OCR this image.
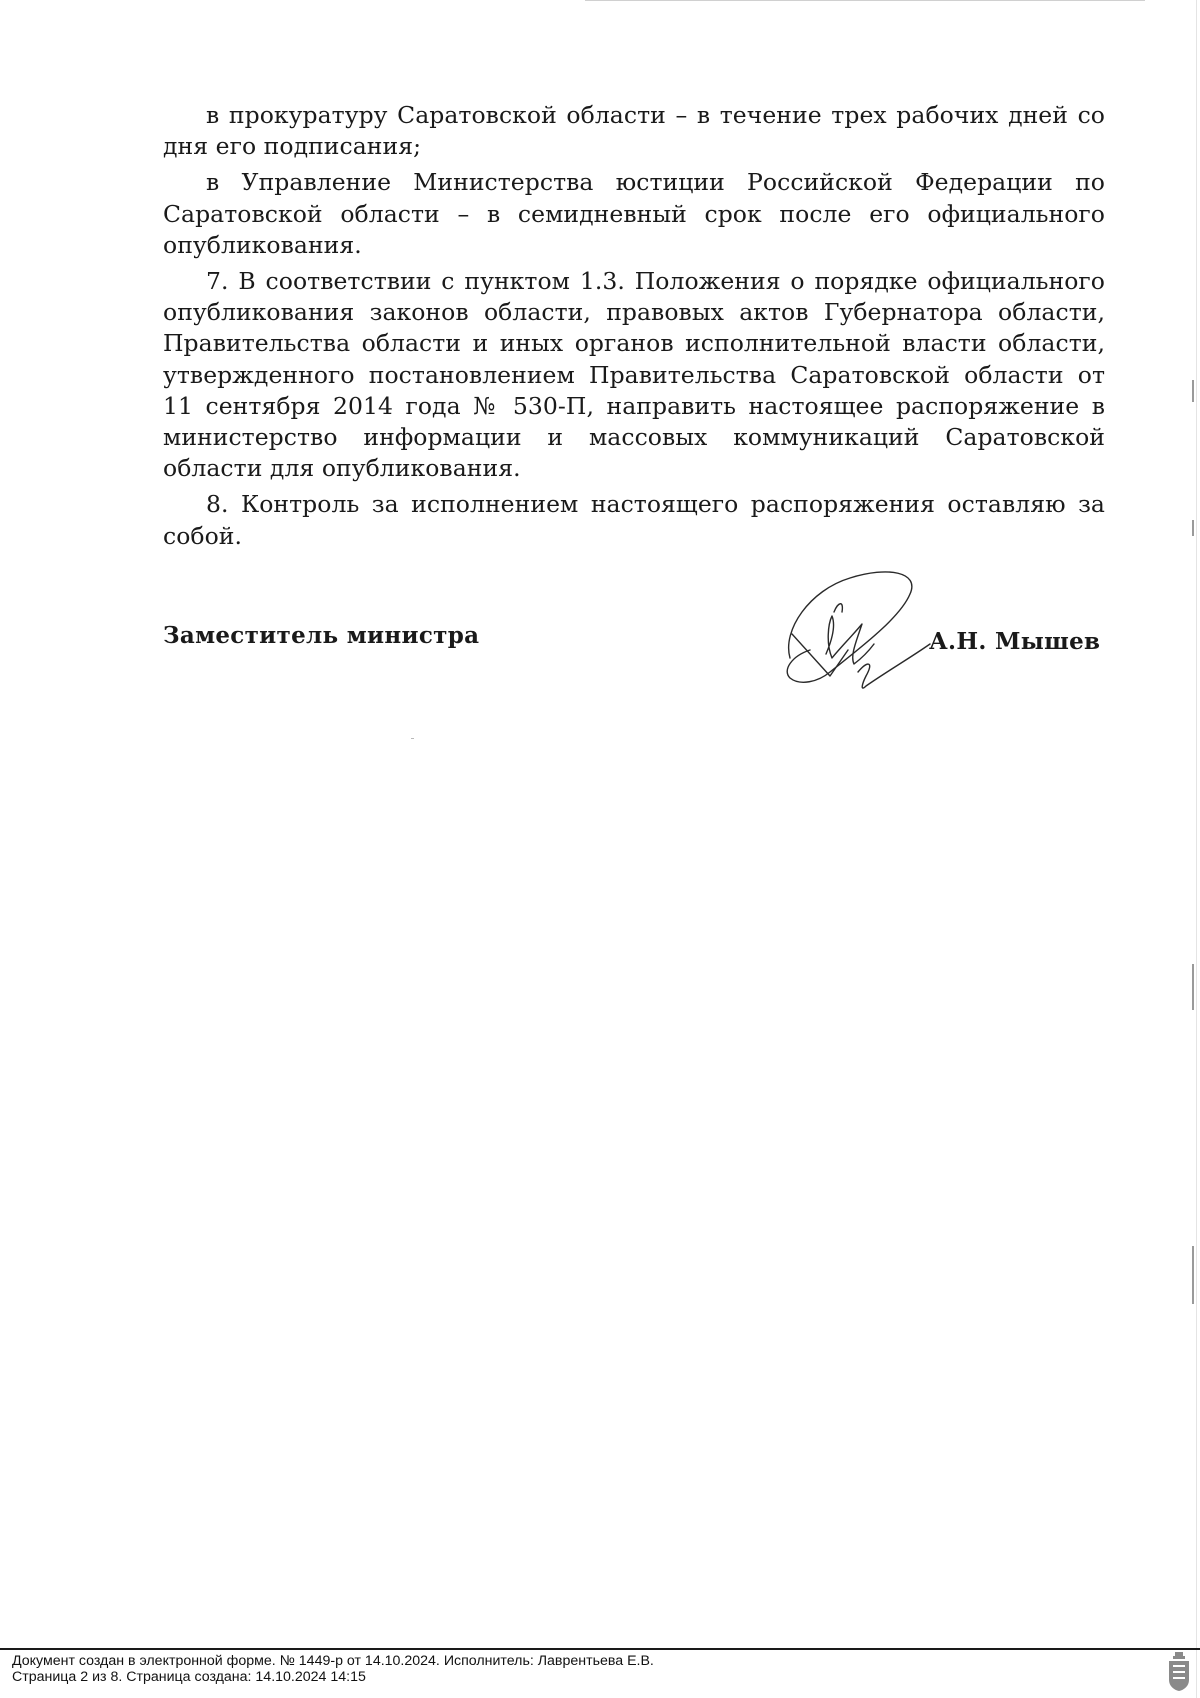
в прокуратуру Саратовской области – в течение трех рабочих дней со дня его подписания;

в Управление Министерства юстиции Российской Федерации по Саратовской области – в семидневный срок после его официального опубликования.

7. В соответствии с пунктом 1.3. Положения о порядке официального опубликования законов области, правовых актов Губернатора области, Правительства области и иных органов исполнительной власти области, утвержденного постановлением Правительства Саратовской области от 11 сентября 2014 года № 530-П, направить настоящее распоряжение в министерство информации и массовых коммуникаций Саратовской области для опубликования.

8. Контроль за исполнением настоящего распоряжения оставляю за собой.

Заместитель министра	А.Н. Мышев
Документ создан в электронной форме. № 1449-р от 14.10.2024. Исполнитель: Лаврентьева Е.В.
Страница 2 из 8. Страница создана: 14.10.2024 14:15
